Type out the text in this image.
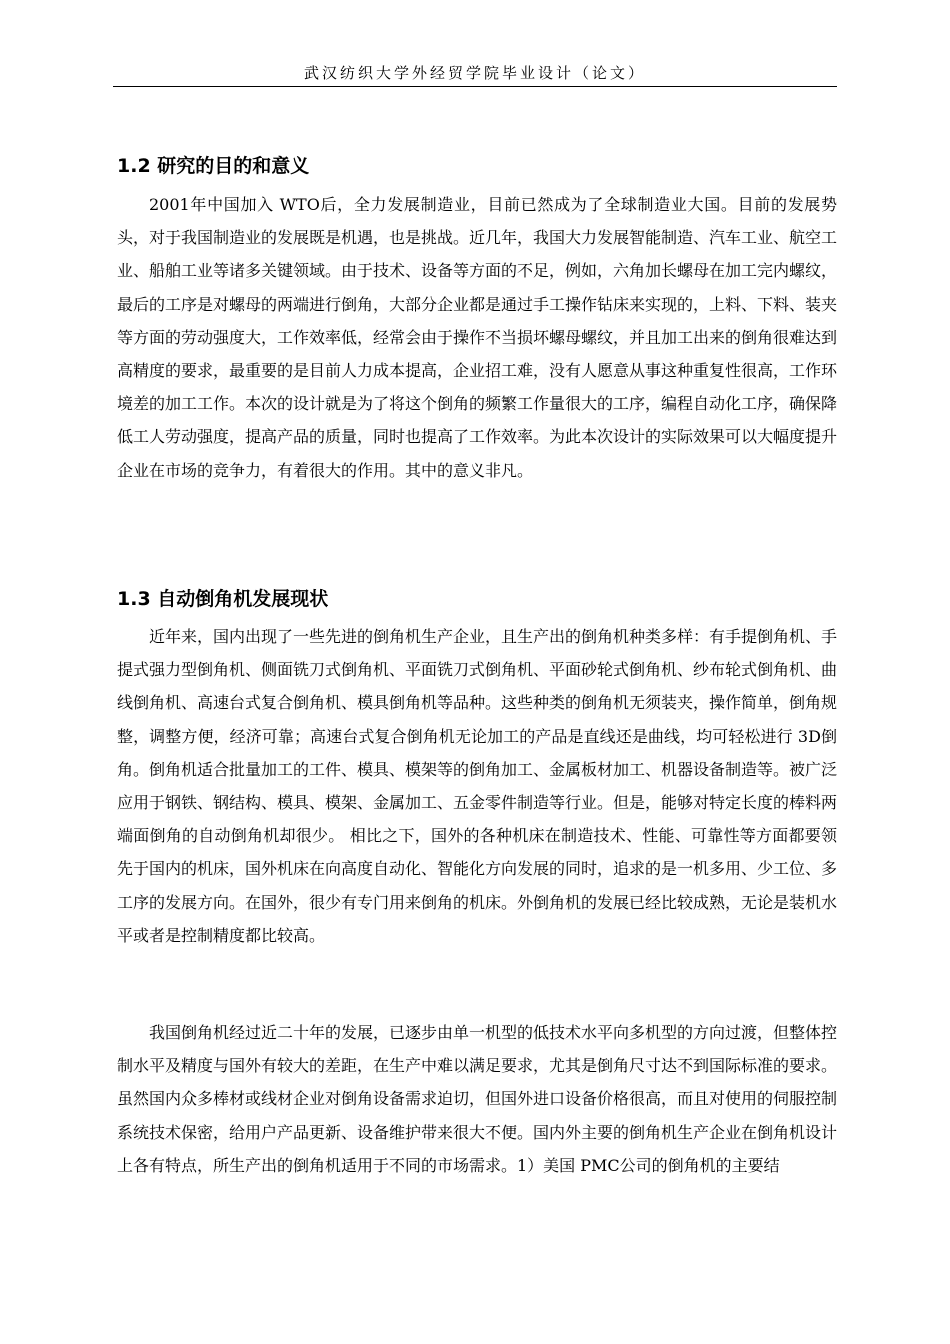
武汉纺织大学外经贸学院毕业设计（论文）
1.2 研究的目的和意义

2001年中国加入 WTO后，全力发展制造业，目前已然成为了全球制造业大国。目前的发展势头，对于我国制造业的发展既是机遇，也是挑战。近几年，我国大力发展智能制造、汽车工业、航空工业、船舶工业等诸多关键领域。由于技术、设备等方面的不足，例如，六角加长螺母在加工完内螺纹，最后的工序是对螺母的两端进行倒角，大部分企业都是通过手工操作钻床来实现的，上料、下料、装夹等方面的劳动强度大，工作效率低，经常会由于操作不当损坏螺母螺纹，并且加工出来的倒角很难达到高精度的要求，最重要的是目前人力成本提高，企业招工难，没有人愿意从事这种重复性很高，工作环境差的加工工作。本次的设计就是为了将这个倒角的频繁工作量很大的工序，编程自动化工序，确保降低工人劳动强度，提高产品的质量，同时也提高了工作效率。为此本次设计的实际效果可以大幅度提升企业在市场的竞争力，有着很大的作用。其中的意义非凡。

1.3 自动倒角机发展现状

近年来，国内出现了一些先进的倒角机生产企业，且生产出的倒角机种类多样：有手提倒角机、手提式强力型倒角机、侧面铣刀式倒角机、平面铣刀式倒角机、平面砂轮式倒角机、纱布轮式倒角机、曲线倒角机、高速台式复合倒角机、模具倒角机等品种。这些种类的倒角机无须装夹，操作简单，倒角规整，调整方便，经济可靠；高速台式复合倒角机无论加工的产品是直线还是曲线，均可轻松进行 3D倒角。倒角机适合批量加工的工件、模具、模架等的倒角加工、金属板材加工、机器设备制造等。被广泛应用于钢铁、钢结构、模具、模架、金属加工、五金零件制造等行业。但是，能够对特定长度的棒料两端面倒角的自动倒角机却很少。 相比之下，国外的各种机床在制造技术、性能、可靠性等方面都要领先于国内的机床，国外机床在向高度自动化、智能化方向发展的同时，追求的是一机多用、少工位、多工序的发展方向。在国外，很少有专门用来倒角的机床。外倒角机的发展已经比较成熟，无论是装机水平或者是控制精度都比较高。

我国倒角机经过近二十年的发展，已逐步由单一机型的低技术水平向多机型的方向过渡，但整体控制水平及精度与国外有较大的差距，在生产中难以满足要求，尤其是倒角尺寸达不到国际标准的要求。虽然国内众多棒材或线材企业对倒角设备需求迫切，但国外进口设备价格很高，而且对使用的伺服控制系统技术保密，给用户产品更新、设备维护带来很大不便。国内外主要的倒角机生产企业在倒角机设计上各有特点，所生产出的倒角机适用于不同的市场需求。1）美国 PMC公司的倒角机的主要结
